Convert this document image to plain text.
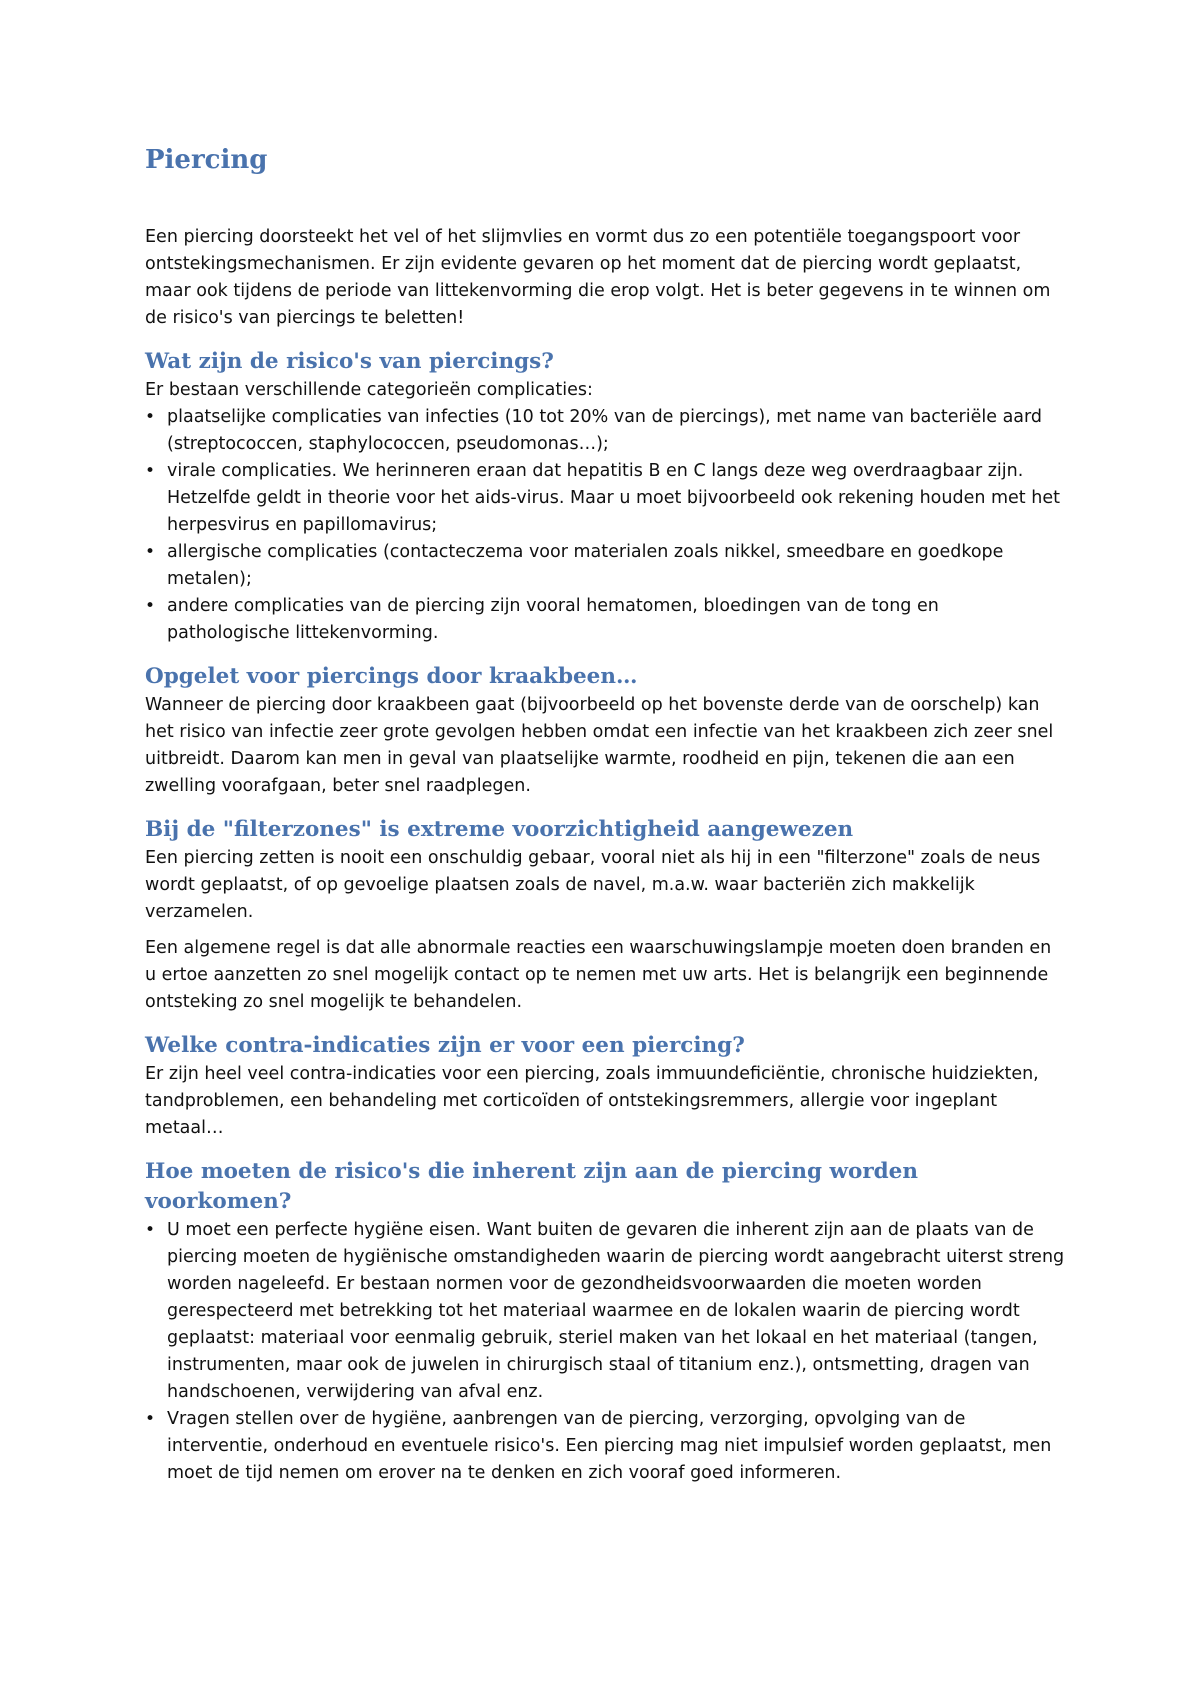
Piercing

Een piercing doorsteekt het vel of het slijmvlies en vormt dus zo een potentiële toegangspoort voor ontstekingsmechanismen. Er zijn evidente gevaren op het moment dat de piercing wordt geplaatst, maar ook tijdens de periode van littekenvorming die erop volgt. Het is beter gegevens in te winnen om de risico's van piercings te beletten!

Wat zijn de risico's van piercings?

Er bestaan verschillende categorieën complicaties:

• plaatselijke complicaties van infecties (10 tot 20% van de piercings), met name van bacteriële aard (streptococcen, staphylococcen, pseudomonas…);
• virale complicaties. We herinneren eraan dat hepatitis B en C langs deze weg overdraagbaar zijn. Hetzelfde geldt in theorie voor het aids-virus. Maar u moet bijvoorbeeld ook rekening houden met het herpesvirus en papillomavirus;
• allergische complicaties (contacteczema voor materialen zoals nikkel, smeedbare en goedkope metalen);
• andere complicaties van de piercing zijn vooral hematomen, bloedingen van de tong en pathologische littekenvorming.
Opgelet voor piercings door kraakbeen…

Wanneer de piercing door kraakbeen gaat (bijvoorbeeld op het bovenste derde van de oorschelp) kan het risico van infectie zeer grote gevolgen hebben omdat een infectie van het kraakbeen zich zeer snel uitbreidt. Daarom kan men in geval van plaatselijke warmte, roodheid en pijn, tekenen die aan een zwelling voorafgaan, beter snel raadplegen.

Bij de "filterzones" is extreme voorzichtigheid aangewezen

Een piercing zetten is nooit een onschuldig gebaar, vooral niet als hij in een "filterzone" zoals de neus wordt geplaatst, of op gevoelige plaatsen zoals de navel, m.a.w. waar bacteriën zich makkelijk verzamelen.

Een algemene regel is dat alle abnormale reacties een waarschuwingslampje moeten doen branden en u ertoe aanzetten zo snel mogelijk contact op te nemen met uw arts. Het is belangrijk een beginnende ontsteking zo snel mogelijk te behandelen.

Welke contra-indicaties zijn er voor een piercing?

Er zijn heel veel contra-indicaties voor een piercing, zoals immuundeficiëntie, chronische huidziekten, tandproblemen, een behandeling met corticoïden of ontstekingsremmers, allergie voor ingeplant metaal…

Hoe moeten de risico's die inherent zijn aan de piercing worden voorkomen?
• U moet een perfecte hygiëne eisen. Want buiten de gevaren die inherent zijn aan de plaats van de piercing moeten de hygiënische omstandigheden waarin de piercing wordt aangebracht uiterst streng worden nageleefd. Er bestaan normen voor de gezondheidsvoorwaarden die moeten worden gerespecteerd met betrekking tot het materiaal waarmee en de lokalen waarin de piercing wordt geplaatst: materiaal voor eenmalig gebruik, steriel maken van het lokaal en het materiaal (tangen, instrumenten, maar ook de juwelen in chirurgisch staal of titanium enz.), ontsmetting, dragen van handschoenen, verwijdering van afval enz.
• Vragen stellen over de hygiëne, aanbrengen van de piercing, verzorging, opvolging van de interventie, onderhoud en eventuele risico's. Een piercing mag niet impulsief worden geplaatst, men moet de tijd nemen om erover na te denken en zich vooraf goed informeren.
